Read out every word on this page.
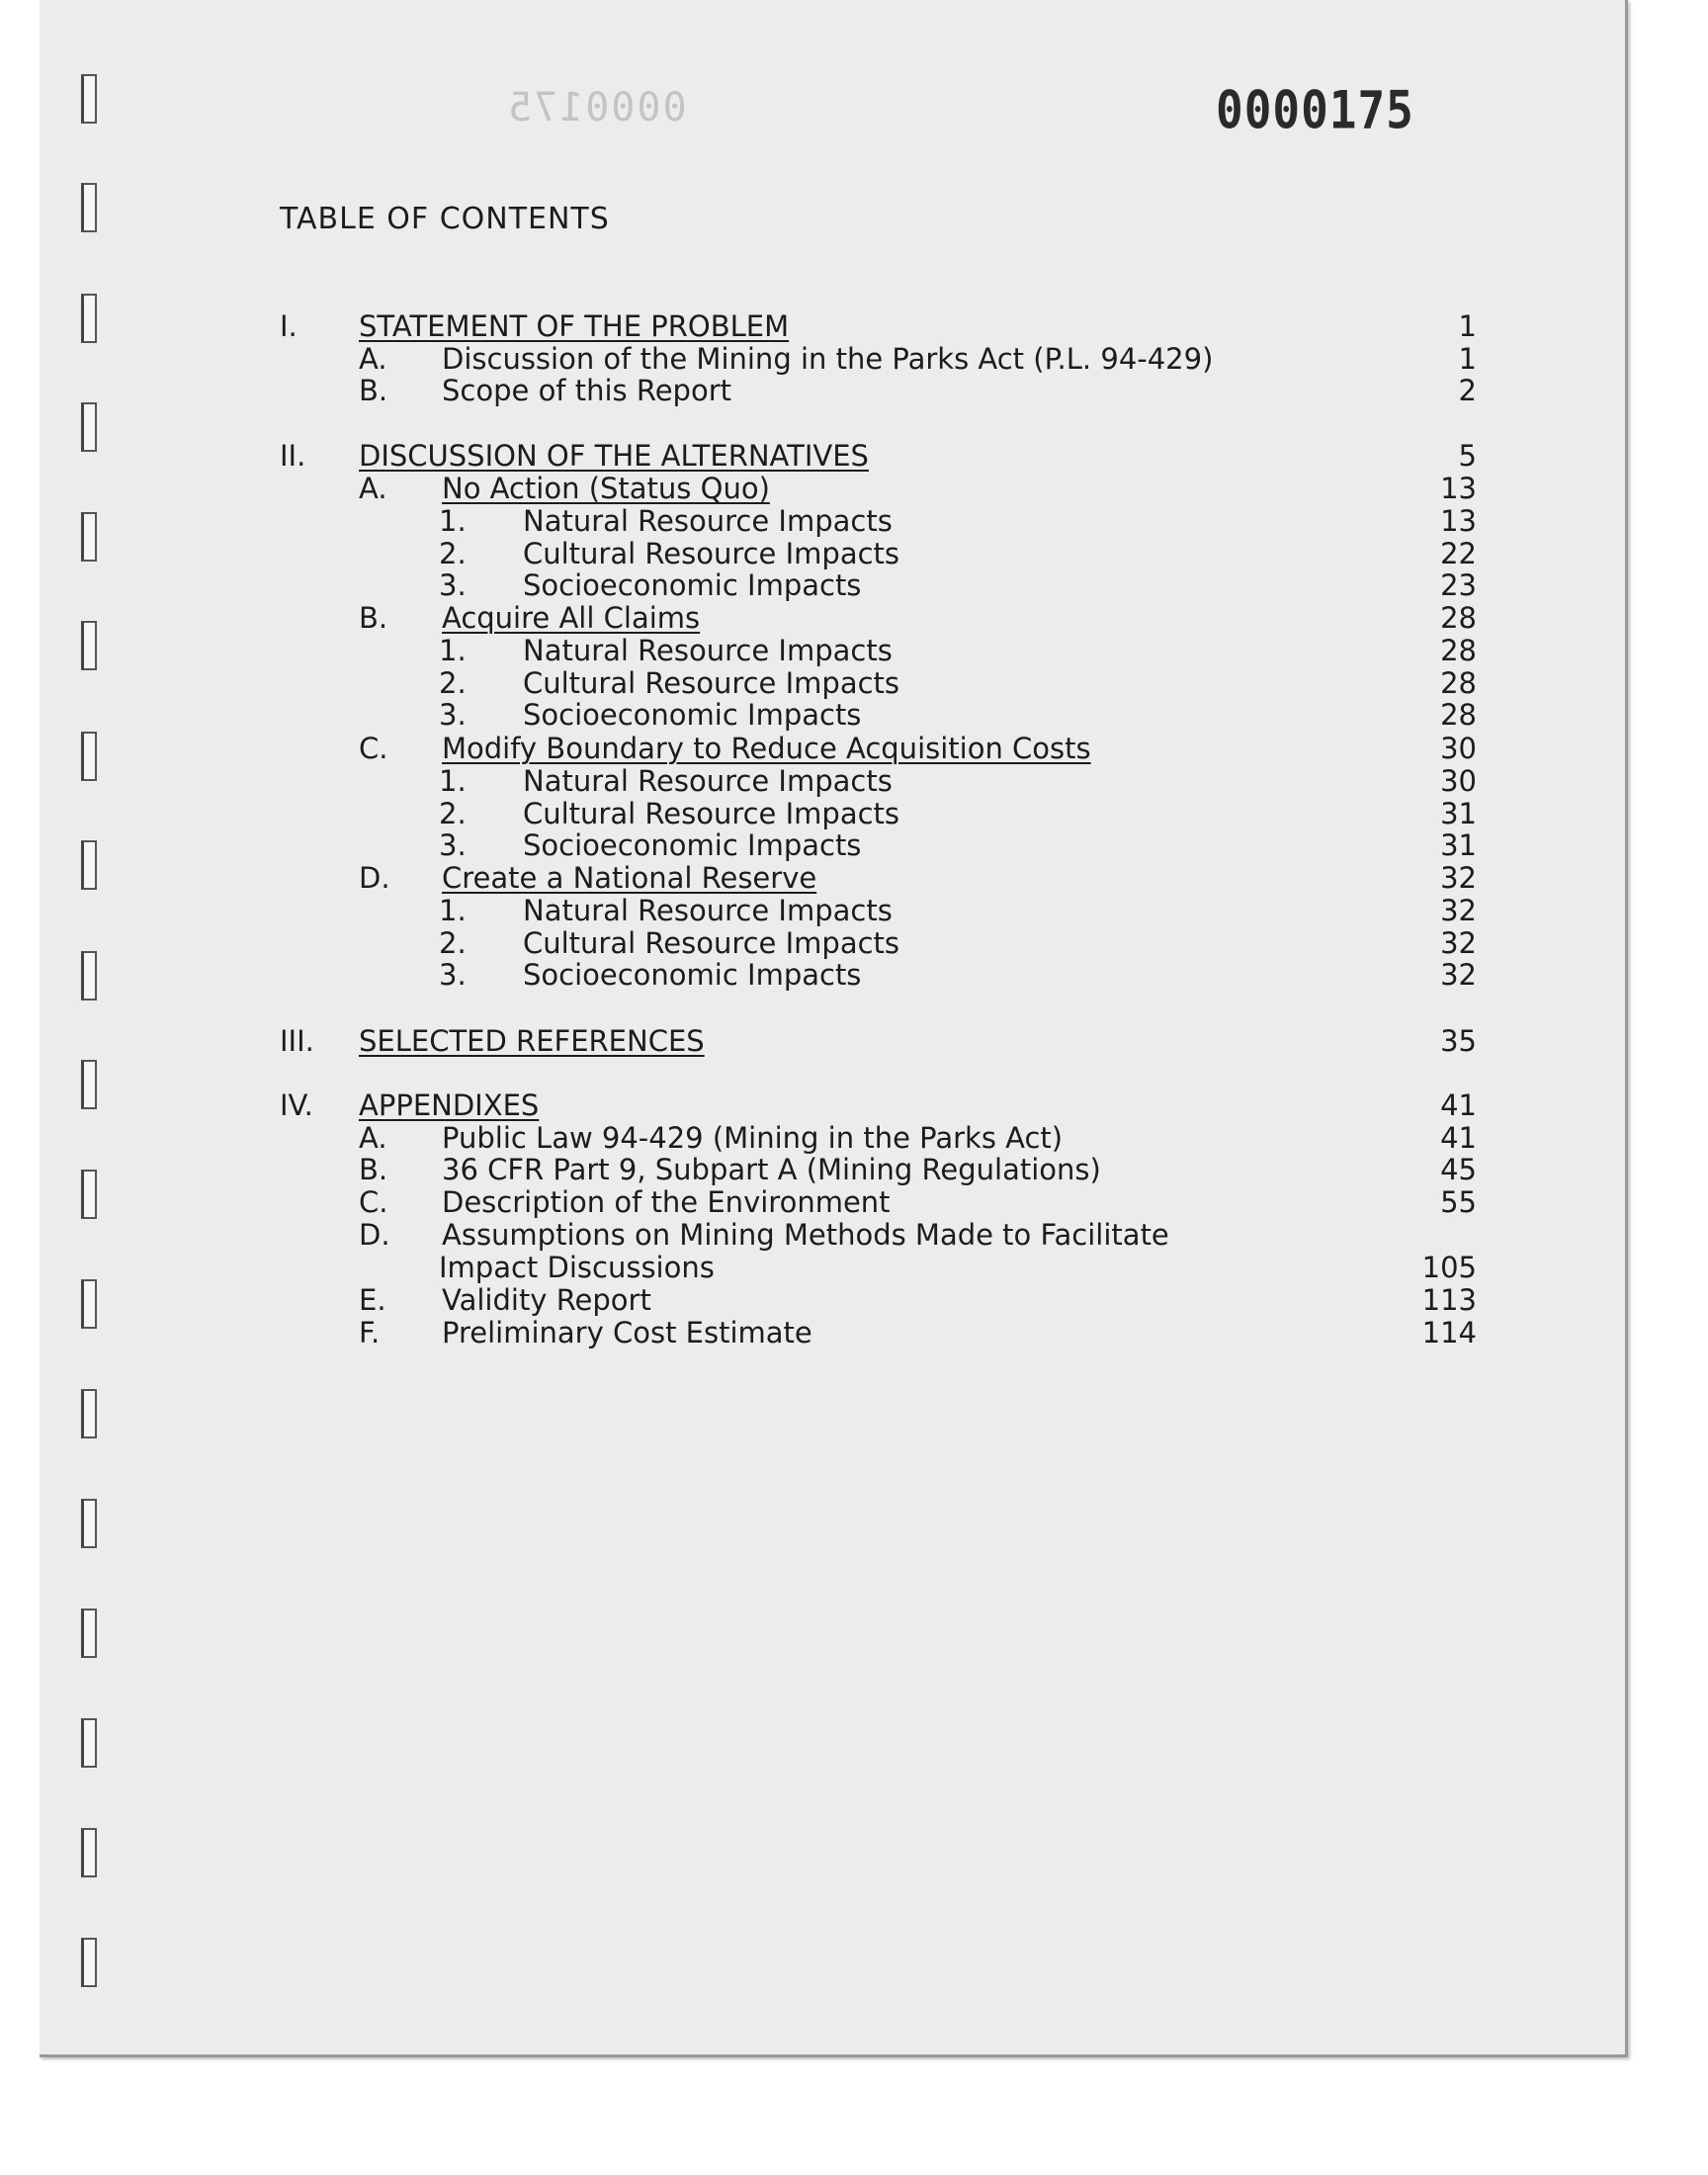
0000175	0000175
TABLE OF CONTENTS
I. STATEMENT OF THE PROBLEM	1
A. Discussion of the Mining in the Parks Act (P.L. 94-429)	1
B. Scope of this Report	2
II. DISCUSSION OF THE ALTERNATIVES	5
A. No Action (Status Quo)	13
1. Natural Resource Impacts	13
2. Cultural Resource Impacts	22
3. Socioeconomic Impacts	23
B. Acquire All Claims	28
1. Natural Resource Impacts	28
2. Cultural Resource Impacts	28
3. Socioeconomic Impacts	28
C. Modify Boundary to Reduce Acquisition Costs	30
1. Natural Resource Impacts	30
2. Cultural Resource Impacts	31
3. Socioeconomic Impacts	31
D. Create a National Reserve	32
1. Natural Resource Impacts	32
2. Cultural Resource Impacts	32
3. Socioeconomic Impacts	32
III. SELECTED REFERENCES	35
IV. APPENDIXES	41
A. Public Law 94-429 (Mining in the Parks Act)	41
B. 36 CFR Part 9, Subpart A (Mining Regulations)	45
C. Description of the Environment	55
D. Assumptions on Mining Methods Made to Facilitate
Impact Discussions	105
E. Validity Report	113
F. Preliminary Cost Estimate	114
